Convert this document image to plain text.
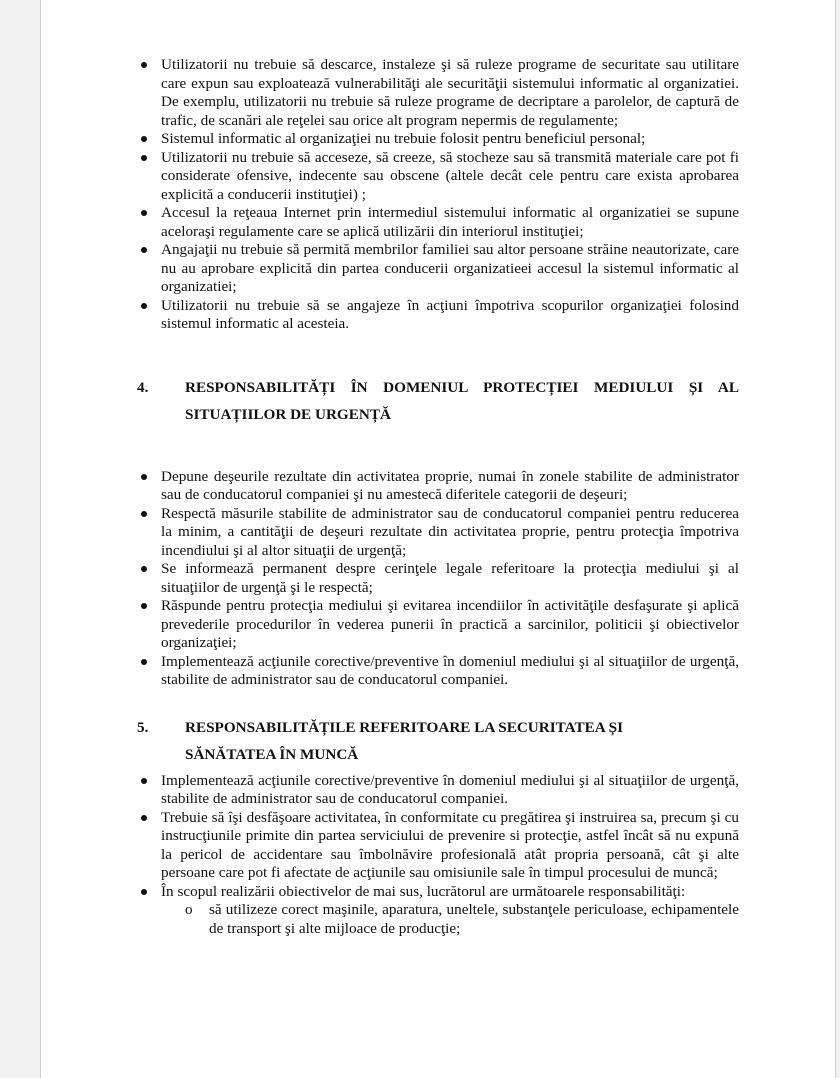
Utilizatorii nu trebuie să descarce, instaleze şi să ruleze programe de securitate sau utilitare care expun sau exploatează vulnerabilităţi ale securităţii sistemului informatic al organizatiei. De exemplu, utilizatorii nu trebuie să ruleze programe de decriptare a parolelor, de captură de trafic, de scanări ale reţelei sau orice alt program nepermis de regulamente;
Sistemul informatic al organizaţiei nu trebuie folosit pentru beneficiul personal;
Utilizatorii nu trebuie să acceseze, să creeze, să stocheze sau să transmită materiale care pot fi considerate ofensive, indecente sau obscene (altele decât cele pentru care exista aprobarea explicită a conducerii instituţiei) ;
Accesul la reţeaua Internet prin intermediul sistemului informatic al organizatiei se supune aceloraşi regulamente care se aplică utilizării din interiorul instituţiei;
Angajaţii nu trebuie să permită membrilor familiei sau altor persoane străine neautorizate, care nu au aprobare explicită din partea conducerii organizatieei accesul la sistemul informatic al organizatiei;
Utilizatorii nu trebuie să se angajeze în acţiuni împotriva scopurilor organizaţiei folosind sistemul informatic al acesteia.
4.	RESPONSABILITĂȚI ÎN DOMENIUL PROTECȚIEI MEDIULUI ȘI AL
SITUAȚIILOR DE URGENȚĂ
Depune deşeurile rezultate din activitatea proprie, numai în zonele stabilite de administrator sau de conducatorul companiei şi nu amestecă diferitele categorii de deşeuri;
Respectă măsurile stabilite de administrator sau de conducatorul companiei pentru reducerea la minim, a cantităţii de deşeuri rezultate din activitatea proprie, pentru protecţia împotriva incendiului şi al altor situaţii de urgenţă;
Se informează permanent despre cerinţele legale referitoare la protecţia mediului şi al situaţiilor de urgenţă şi le respectă;
Răspunde pentru protecţia mediului şi evitarea incendiilor în activităţile desfaşurate şi aplică prevederile procedurilor în vederea punerii în practică a sarcinilor, politicii şi obiectivelor organizaţiei;
Implementează acţiunile corective/preventive în domeniul mediului şi al situaţiilor de urgenţă, stabilite de administrator sau de conducatorul companiei.
5.	RESPONSABILITĂȚILE REFERITOARE LA SECURITATEA ȘI
SĂNĂTATEA ÎN MUNCĂ
Implementează acţiunile corective/preventive în domeniul mediului şi al situaţiilor de urgenţă, stabilite de administrator sau de conducatorul companiei.
Trebuie să îşi desfăşoare activitatea, în conformitate cu pregătirea şi instruirea sa, precum şi cu instrucţiunile primite din partea serviciului de prevenire si protecţie, astfel încât să nu expună la pericol de accidentare sau îmbolnăvire profesională atât propria persoană, cât şi alte persoane care pot fi afectate de acţiunile sau omisiunile sale în timpul procesului de muncă;
În scopul realizării obiectivelor de mai sus, lucrătorul are următoarele responsabilităţi:
o să utilizeze corect maşinile, aparatura, uneltele, substanţele periculoase, echipamentele de transport şi alte mijloace de producţie;
